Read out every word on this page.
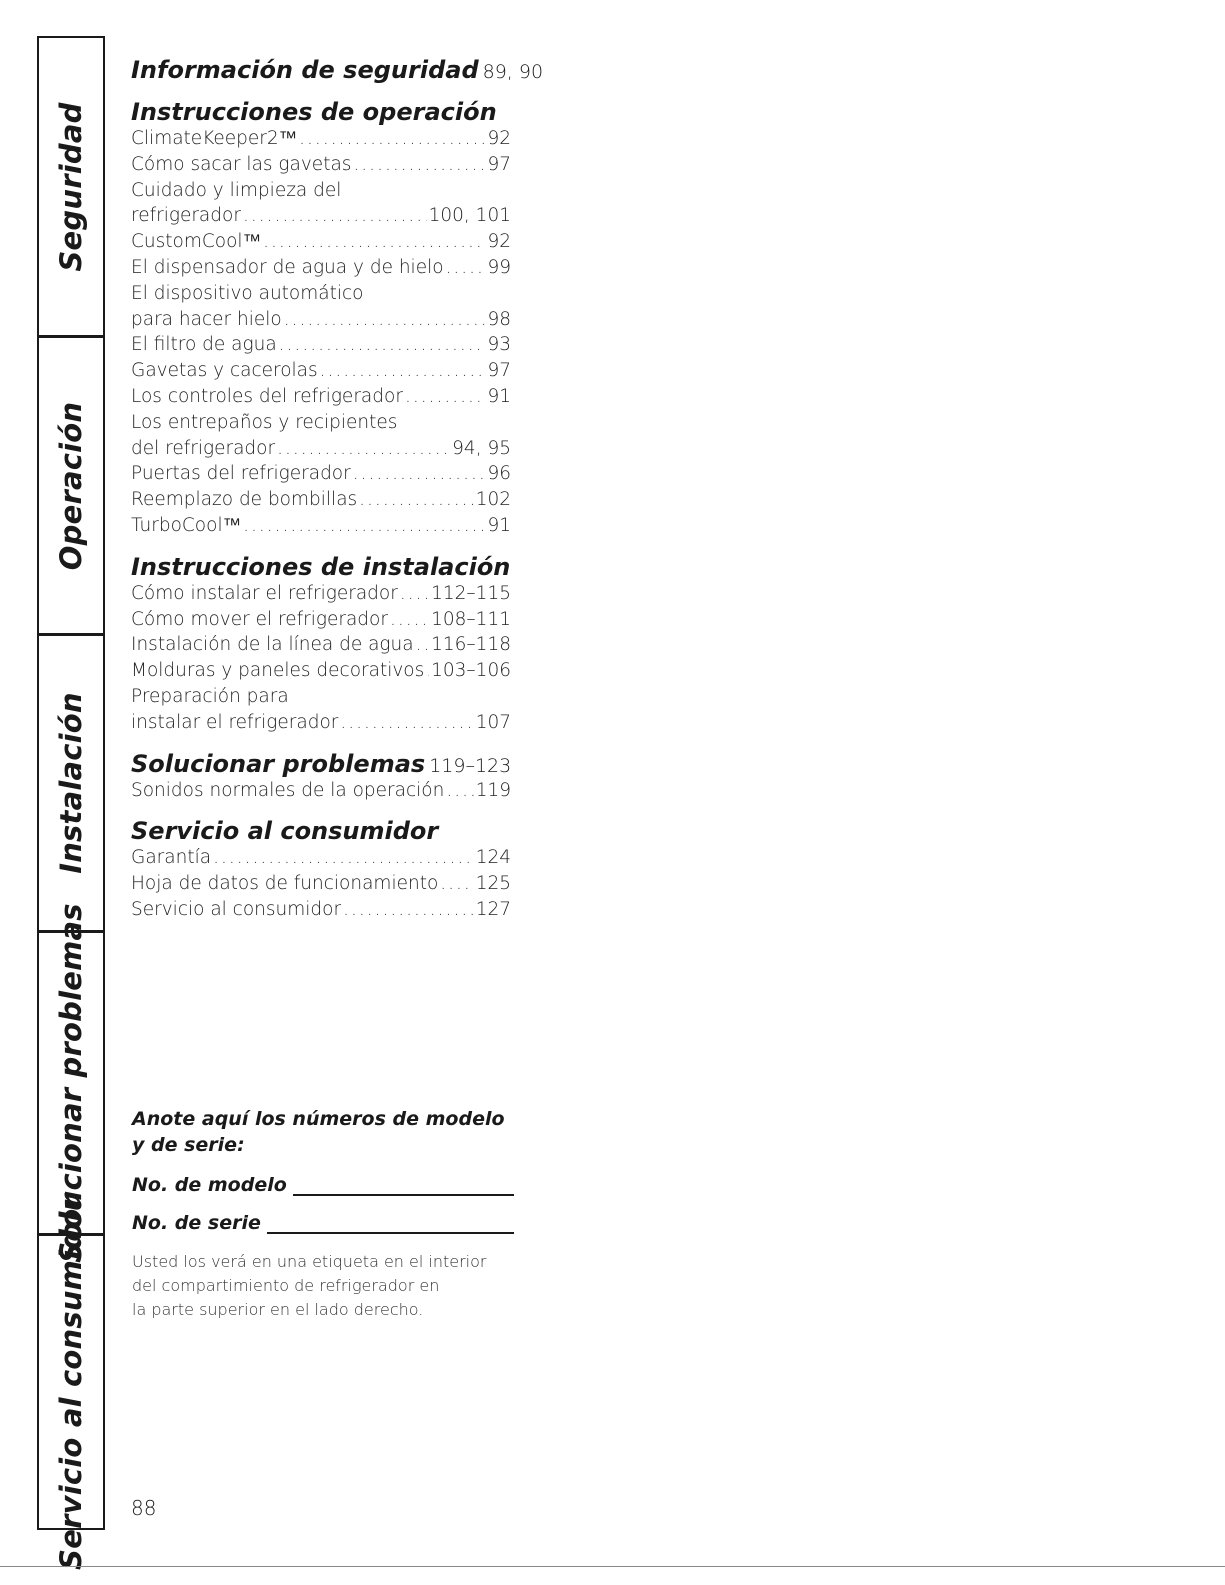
Seguridad
Operación
Instalación
Solucionar problemas
Servicio al consumidor
Información de seguridad 89, 90
Instrucciones de operación
ClimateKeeper2™ .....	92
Cómo sacar las gavetas .....	97
Cuidado y limpieza del
refrigerador .....	100, 101
CustomCool™ .....	92
El dispensador de agua y de hielo ..... 99
El dispositivo automático
para hacer hielo .....	98
El filtro de agua .....	93
Gavetas y cacerolas .....	97
Los controles del refrigerador .....	91
Los entrepaños y recipientes
del refrigerador .....	94, 95
Puertas del refrigerador .....	96
Reemplazo de bombillas .....	102
TurboCool™ .....	91
Instrucciones de instalación
Cómo instalar el refrigerador ..... 112–115
Cómo mover el refrigerador ..... 108–111
Instalación de la línea de agua ..... 116–118
Molduras y paneles decorativos ..... 103–106
Preparación para
instalar el refrigerador .....	107
Solucionar problemas 119–123
Sonidos normales de la operación ..... 119
Servicio al consumidor
Garantía .....	124
Hoja de datos de funcionamiento ..... 125
Servicio al consumidor .....	127
Anote aquí los números de modelo
y de serie:
No. de modelo
No. de serie
Usted los verá en una etiqueta en el interior
del compartimiento de refrigerador en
la parte superior en el lado derecho.
88
